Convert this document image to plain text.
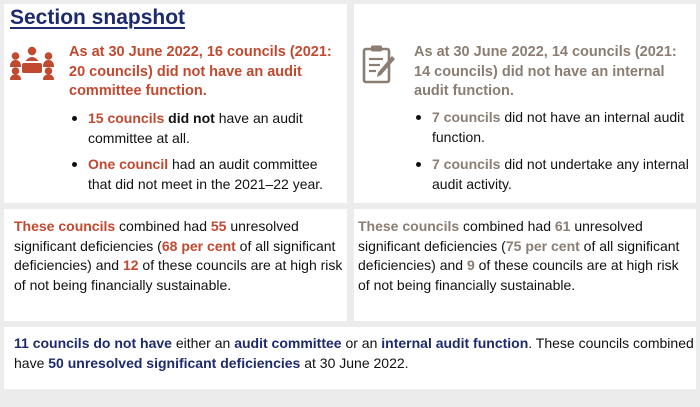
Section snapshot
As at 30 June 2022, 16 councils (2021: 20 councils) did not have an audit committee function.
As at 30 June 2022, 14 councils (2021: 14 councils) did not have an internal audit function.
15 councils did not have an audit committee at all.
One council had an audit committee that did not meet in the 2021–22 year.
7 councils did not have an internal audit function.
7 councils did not undertake any internal audit activity.
These councils combined had 55 unresolved significant deficiencies (68 per cent of all significant deficiencies) and 12 of these councils are at high risk of not being financially sustainable.
These councils combined had 61 unresolved significant deficiencies (75 per cent of all significant deficiencies) and 9 of these councils are at high risk of not being financially sustainable.
11 councils do not have either an audit committee or an internal audit function. These councils combined have 50 unresolved significant deficiencies at 30 June 2022.
